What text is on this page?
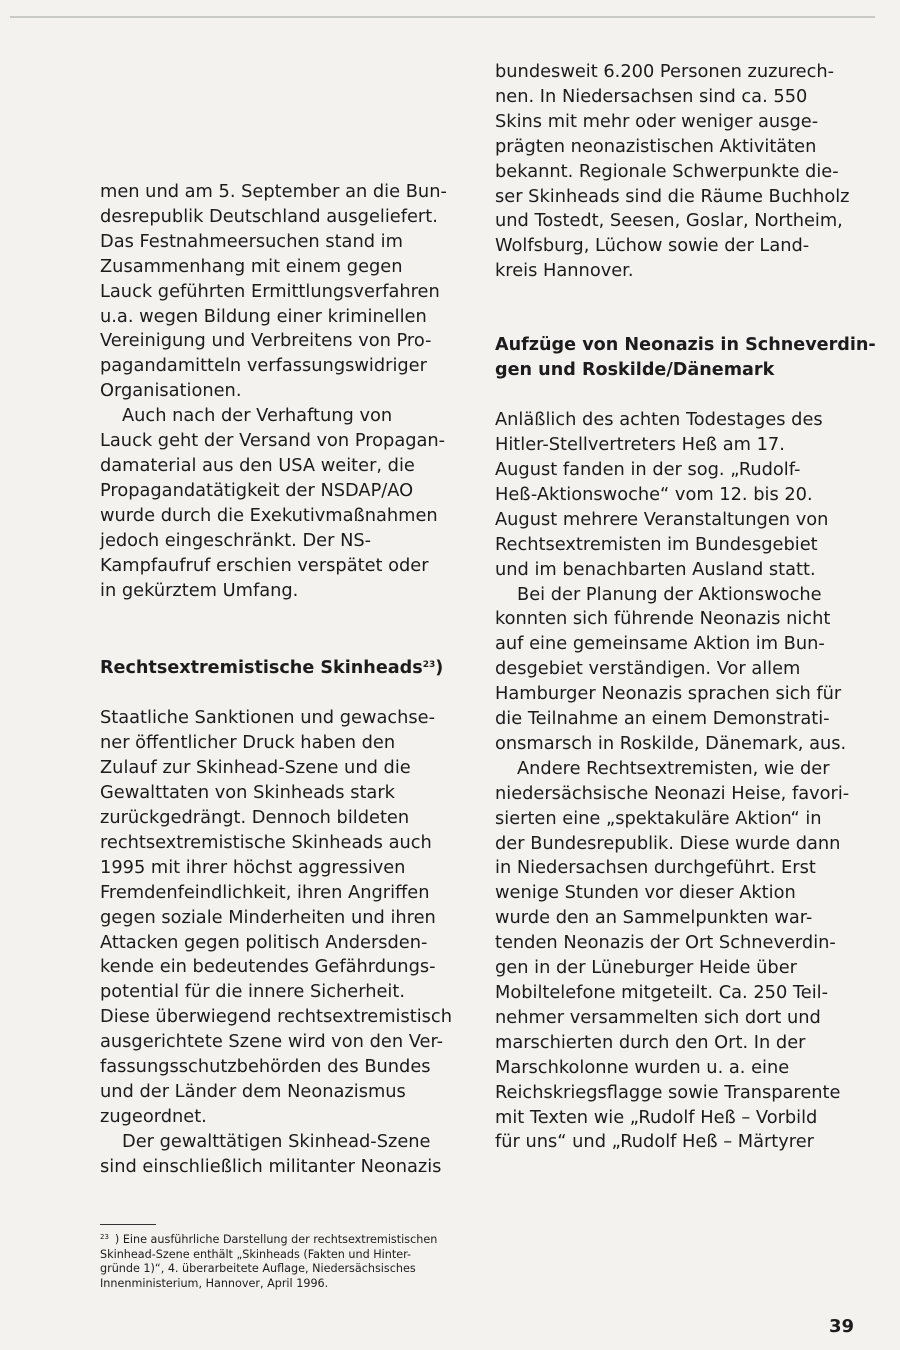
men und am 5. September an die Bun-
desrepublik Deutschland ausgeliefert.
Das Festnahmeersuchen stand im
Zusammenhang mit einem gegen
Lauck geführten Ermittlungsverfahren
u.a. wegen Bildung einer kriminellen
Vereinigung und Verbreitens von Pro-
pagandamitteln verfassungswidriger
Organisationen.
Auch nach der Verhaftung von
Lauck geht der Versand von Propagan-
damaterial aus den USA weiter, die
Propagandatätigkeit der NSDAP/AO
wurde durch die Exekutivmaßnahmen
jedoch eingeschränkt. Der NS-
Kampfaufruf erschien verspätet oder
in gekürztem Umfang.
Rechtsextremistische Skinheads$^{23}$)
Staatliche Sanktionen und gewachse-
ner öffentlicher Druck haben den
Zulauf zur Skinhead-Szene und die
Gewalttaten von Skinheads stark
zurückgedrängt. Dennoch bildeten
rechtsextremistische Skinheads auch
1995 mit ihrer höchst aggressiven
Fremdenfeindlichkeit, ihren Angriffen
gegen soziale Minderheiten und ihren
Attacken gegen politisch Andersden-
kende ein bedeutendes Gefährdungs-
potential für die innere Sicherheit.
Diese überwiegend rechtsextremistisch
ausgerichtete Szene wird von den Ver-
fassungsschutzbehörden des Bundes
und der Länder dem Neonazismus
zugeordnet.
Der gewalttätigen Skinhead-Szene
sind einschließlich militanter Neonazis
bundesweit 6.200 Personen zuzurech-
nen. In Niedersachsen sind ca. 550
Skins mit mehr oder weniger ausge-
prägten neonazistischen Aktivitäten
bekannt. Regionale Schwerpunkte die-
ser Skinheads sind die Räume Buchholz
und Tostedt, Seesen, Goslar, Northeim,
Wolfsburg, Lüchow sowie der Land-
kreis Hannover.
Aufzüge von Neonazis in Schneverdin-
gen und Roskilde/Dänemark
Anläßlich des achten Todestages des
Hitler-Stellvertreters Heß am 17.
August fanden in der sog. „Rudolf-
Heß-Aktionswoche“ vom 12. bis 20.
August mehrere Veranstaltungen von
Rechtsextremisten im Bundesgebiet
und im benachbarten Ausland statt.
Bei der Planung der Aktionswoche
konnten sich führende Neonazis nicht
auf eine gemeinsame Aktion im Bun-
desgebiet verständigen. Vor allem
Hamburger Neonazis sprachen sich für
die Teilnahme an einem Demonstrati-
onsmarsch in Roskilde, Dänemark, aus.
Andere Rechtsextremisten, wie der
niedersächsische Neonazi Heise, favori-
sierten eine „spektakuläre Aktion“ in
der Bundesrepublik. Diese wurde dann
in Niedersachsen durchgeführt. Erst
wenige Stunden vor dieser Aktion
wurde den an Sammelpunkten war-
tenden Neonazis der Ort Schneverdin-
gen in der Lüneburger Heide über
Mobiltelefone mitgeteilt. Ca. 250 Teil-
nehmer versammelten sich dort und
marschierten durch den Ort. In der
Marschkolonne wurden u. a. eine
Reichskriegsflagge sowie Transparente
mit Texten wie „Rudolf Heß – Vorbild
für uns“ und „Rudolf Heß – Märtyrer
$^{23}$ ) Eine ausführliche Darstellung der rechtsextremistischen
Skinhead-Szene enthält „Skinheads (Fakten und Hinter-
gründe 1)“, 4. überarbeitete Auflage, Niedersächsisches
Innenministerium, Hannover, April 1996.
39
